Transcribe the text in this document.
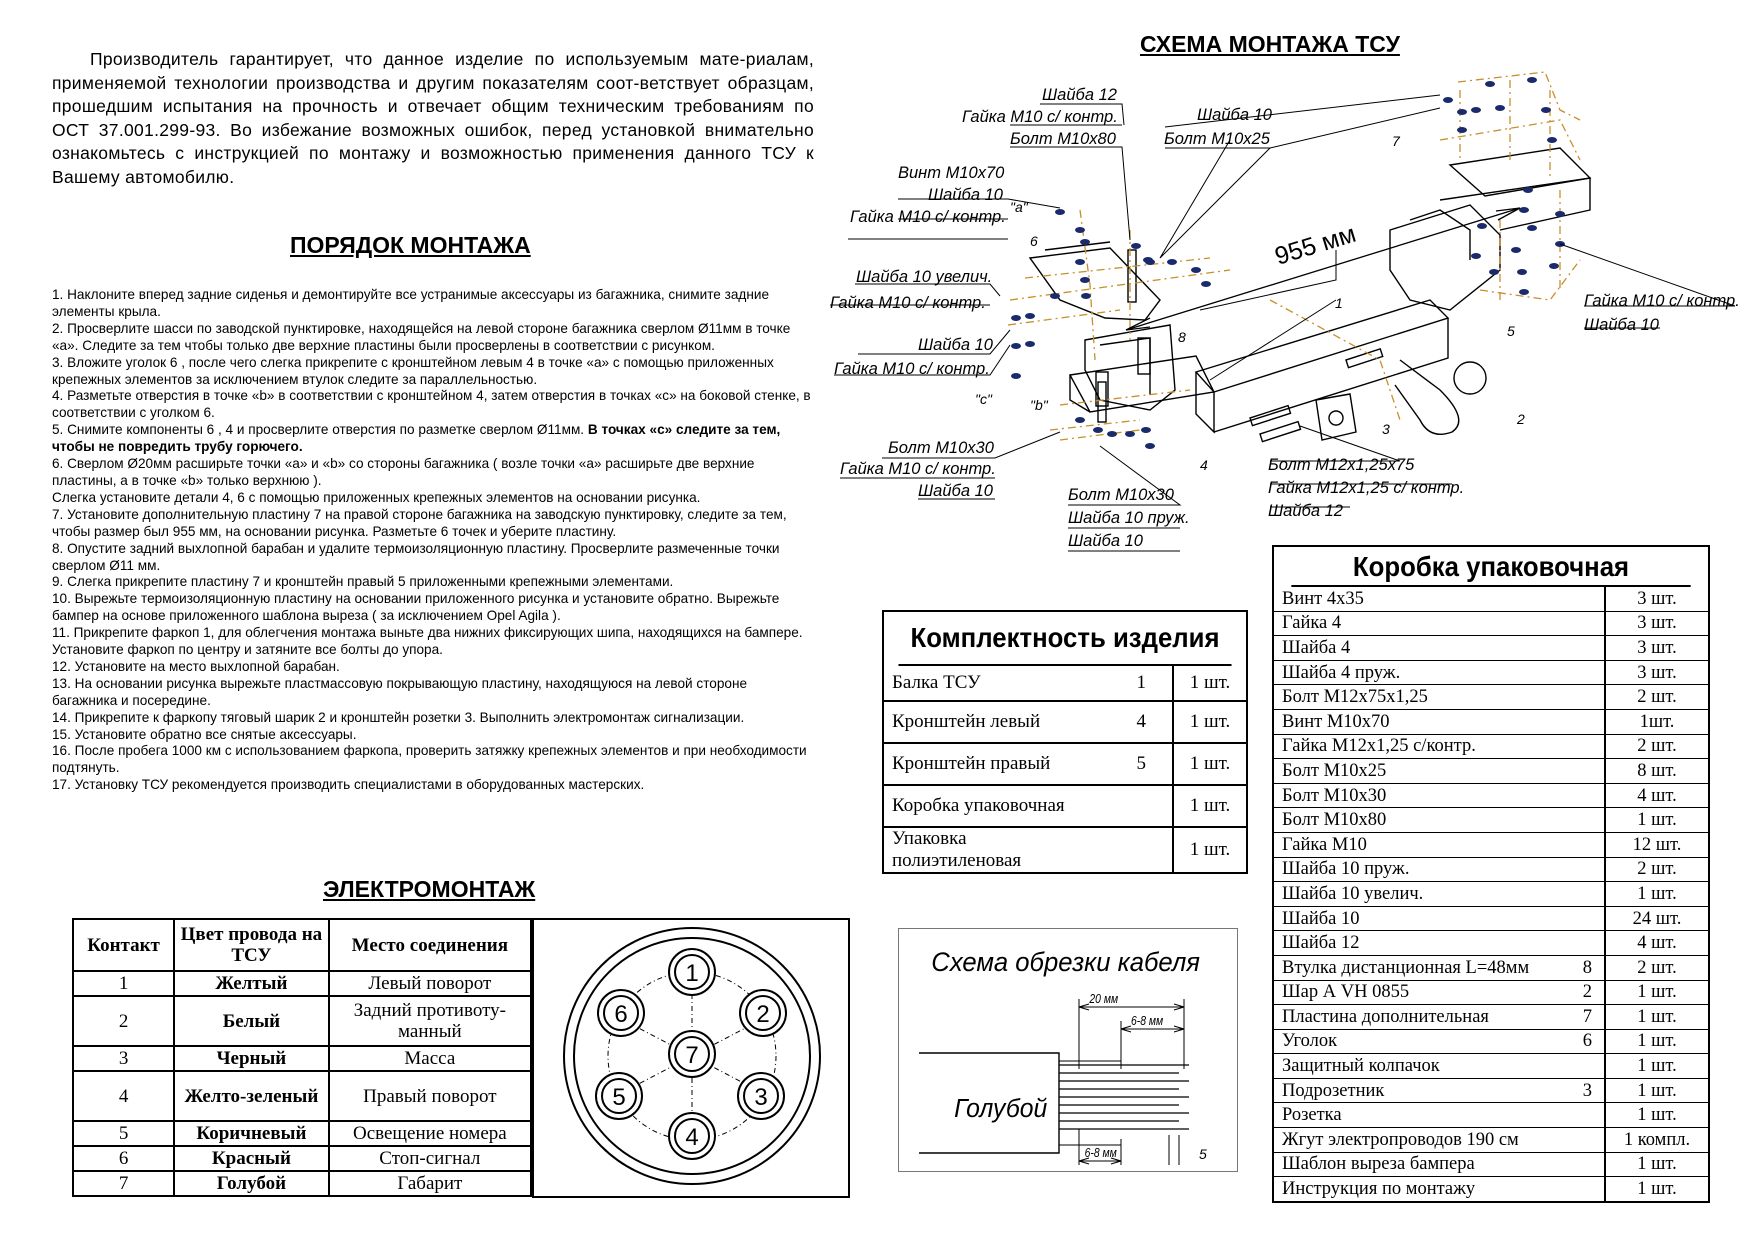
Производитель гарантирует, что данное изделие по используемым мате-риалам, применяемой технологии производства и другим показателям соот-ветствует образцам, прошедшим испытания на прочность и отвечает общим техническим требованиям по ОСТ 37.001.299-93. Во избежание возможных ошибок, перед установкой внимательно ознакомьтесь с инструкцией по монтажу и возможностью применения данного ТСУ к Вашему автомобилю.

ПОРЯДОК МОНТАЖА
1. Наклоните вперед задние сиденья и демонтируйте все устранимые аксессуары из багажника, снимите задние элементы крыла.
2. Просверлите шасси по заводской пунктировке, находящейся на левой стороне багажника сверлом Ø11мм в точке «а». Следите за тем чтобы только две верхние пластины были просверлены в соответствии с рисунком.
3. Вложите уголок 6 , после чего слегка прикрепите с кронштейном левым 4 в точке «а» с помощью приложенных крепежных элементов за исключением втулок следите за параллельностью.
4. Разметьте отверстия в точке «b» в соответствии с кронштейном 4, затем отверстия в точках «с» на боковой стенке, в соответствии с уголком 6.
5. Снимите компоненты 6 , 4 и просверлите отверстия по разметке сверлом Ø11мм. В точках «с» следите за тем, чтобы не повредить трубу горючего.
6. Сверлом Ø20мм расширьте точки «а» и «b» со стороны багажника ( возле точки «а» расширьте две верхние пластины, а в точке «b» только верхнюю ).
Слегка установите детали 4, 6 с помощью приложенных крепежных элементов на основании рисунка.
7. Установите дополнительную пластину 7 на правой стороне багажника на заводскую пунктировку, следите за тем, чтобы размер был 955 мм, на основании рисунка. Разметьте 6 точек и уберите пластину.
8. Опустите задний выхлопной барабан и удалите термоизоляционную пластину. Просверлите размеченные точки сверлом Ø11 мм.
9. Слегка прикрепите пластину 7 и кронштейн правый 5 приложенными крепежными элементами.
10. Вырежьте термоизоляционную пластину на основании приложенного рисунка и установите обратно. Вырежьте бампер на основе приложенного шаблона выреза ( за исключением Opel Agila ).
11. Прикрепите фаркоп 1, для облегчения монтажа выньте два нижних фиксирующих шипа, находящихся на бампере. Установите фаркоп по центру и затяните все болты до упора.
12. Установите на место выхлопной барабан.
13. На основании рисунка вырежьте пластмассовую покрывающую пластину, находящуюся на левой стороне багажника и посередине.
14. Прикрепите к фаркопу тяговый шарик 2 и кронштейн розетки 3. Выполнить электромонтаж сигнализации.
15. Установите обратно все снятые аксессуары.
16. После пробега 1000 км с использованием фаркопа, проверить затяжку крепежных элементов и при необходимости подтянуть.
17. Установку ТСУ рекомендуется производить специалистами в оборудованных мастерских.
СХЕМА МОНТАЖА ТСУ
955 мм
1
2
3
4
5
6
7
8
"a"
"c"	"b"
Шайба 12
Гайка М10 с/ контр.
Болт М10х80
Шайба 10
Болт М10х25
Винт М10х70
Шайба 10
Гайка М10 с/ контр.
Шайба 10 увелич.
Гайка М10 с/ контр.
Шайба 10
Гайка М10 с/ контр.
Гайка М10 с/ контр.
Шайба 10
Болт М10х30
Гайка М10 с/ контр.
Шайба 10	Болт М10х30
Шайба 10 пруж.
Шайба 10
Болт М12х1,25х75
Гайка М12х1,25 с/ контр.
Шайба 12
ЭЛЕКТРОМОНТАЖ
Контакт	Цвет провода на ТСУ	Место соединения
1	Желтый	Левый поворот
2	Белый	Задний противоту-манный
3	Черный	Масса
4	Желто-зеленый	Правый поворот
5	Коричневый	Освещение номера
6	Красный	Стоп-сигнал
7	Голубой	Габарит
1
2
3
4
5
6
7
Комплектность изделия
Балка ТСУ	1	1 шт.
Кронштейн левый	4	1 шт.
Кронштейн правый	5	1 шт.
Коробка упаковочная		1 шт.
Упаковка полиэтиленовая		1 шт.
Схема обрезки кабеля
20 мм
6-8 мм
6-8 мм	5
Голубой
Коробка упаковочная
Винт 4х35		3 шт.
Гайка 4		3 шт.
Шайба 4		3 шт.
Шайба 4 пруж.		3 шт.
Болт М12х75х1,25		2 шт.
Винт М10х70		1шт.
Гайка М12х1,25 с/контр.		2 шт.
Болт М10х25		8 шт.
Болт М10х30		4 шт.
Болт М10х80		1 шт.
Гайка М10		12 шт.
Шайба 10 пруж.		2 шт.
Шайба 10 увелич.		1 шт.
Шайба 10		24 шт.
Шайба 12		4 шт.
Втулка дистанционная L=48мм	8	2 шт.
Шар А VH 0855	2	1 шт.
Пластина дополнительная	7	1 шт.
Уголок	6	1 шт.
Защитный колпачок		1 шт.
Подрозетник	3	1 шт.
Розетка		1 шт.
Жгут электропроводов 190 см		1 компл.
Шаблон выреза бампера		1 шт.
Инструкция по монтажу		1 шт.
